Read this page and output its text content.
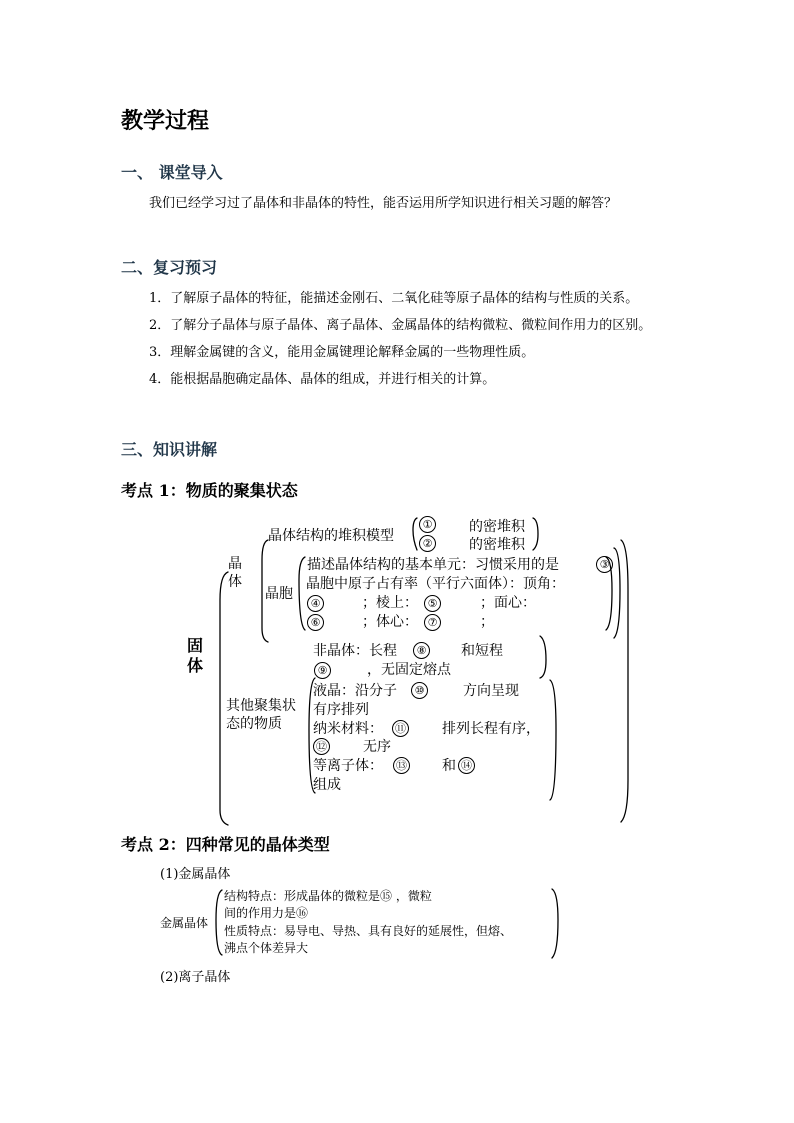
教学过程
一、 课堂导入
我们已经学习过了晶体和非晶体的特性，能否运用所学知识进行相关习题的解答？
二、复习预习
1．了解原子晶体的特征，能描述金刚石、二氧化硅等原子晶体的结构与性质的关系。
2．了解分子晶体与原子晶体、离子晶体、金属晶体的结构微粒、微粒间作用力的区别。
3．理解金属键的含义，能用金属键理论解释金属的一些物理性质。
4．能根据晶胞确定晶体、晶体的组成，并进行相关的计算。
三、知识讲解
考点 1：物质的聚集状态
固体
晶体
晶体结构的堆积模型
①	的密堆积
②	的密堆积
晶胞
描述晶体结构的基本单元：习惯采用的是	③
晶胞中原子占有率（平行六面体）：顶角：
④	；棱上： ⑤	；面心：
⑥	；体心： ⑦	；
非晶体：长程	⑧ 和短程
⑨	，无固定熔点
其他聚集状态的物质
液晶：沿分子	⑩	方向呈现
有序排列
纳米材料： ⑪	排列长程有序，
⑫	无序
等离子体： ⑬	和 ⑭
组成
考点 2：四种常见的晶体类型
(1)金属晶体
金属晶体
结构特点：形成晶体的微粒是⑮ ，微粒
间的作用力是⑯
性质特点：易导电、导热、具有良好的延展性，但熔、
沸点个体差异大
(2)离子晶体
